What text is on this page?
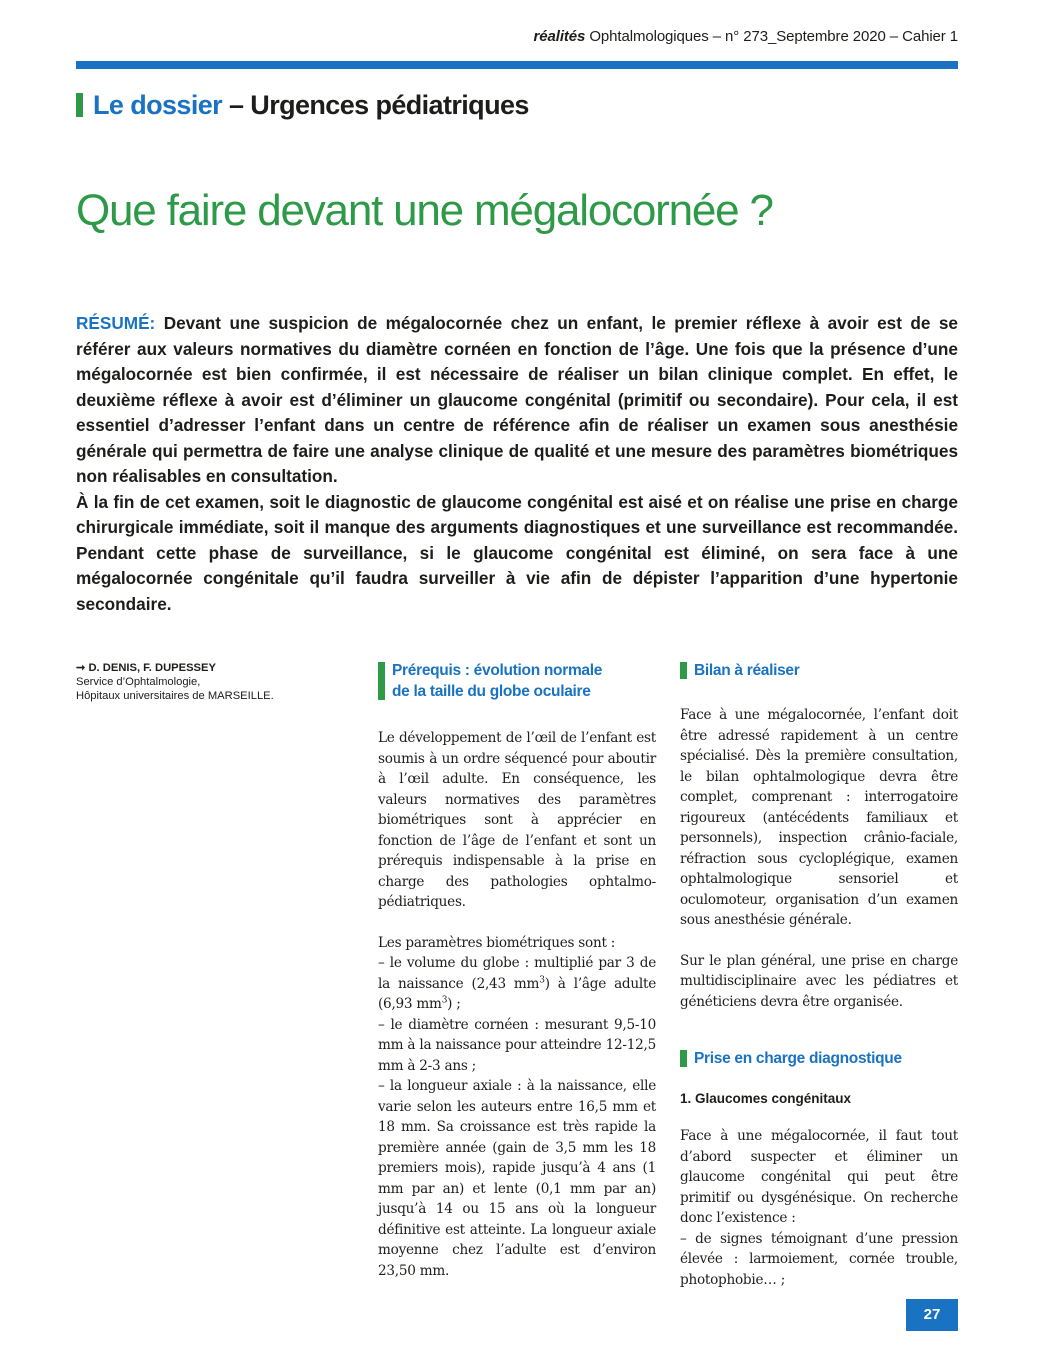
réalités Ophtalmologiques – n° 273_Septembre 2020 – Cahier 1
Le dossier – Urgences pédiatriques
Que faire devant une mégalocornée ?

RÉSUMÉ: Devant une suspicion de mégalocornée chez un enfant, le premier réflexe à avoir est de se référer aux valeurs normatives du diamètre cornéen en fonction de l’âge. Une fois que la présence d’une mégalocornée est bien confirmée, il est nécessaire de réaliser un bilan clinique complet. En effet, le deuxième réflexe à avoir est d’éliminer un glaucome congénital (primitif ou secondaire). Pour cela, il est essentiel d’adresser l’enfant dans un centre de référence afin de réaliser un examen sous anesthésie générale qui permettra de faire une analyse clinique de qualité et une mesure des paramètres biométriques non réalisables en consultation.

À la fin de cet examen, soit le diagnostic de glaucome congénital est aisé et on réalise une prise en charge chirurgicale immédiate, soit il manque des arguments diagnostiques et une surveillance est recommandée. Pendant cette phase de surveillance, si le glaucome congénital est éliminé, on sera face à une mégalocornée congénitale qu’il faudra surveiller à vie afin de dépister l’apparition d’une hypertonie secondaire.

➞ D. DENIS, F. DUPESSEY
Service d’Ophtalmologie,
Hôpitaux universitaires de MARSEILLE.
Prérequis : évolution normale
de la taille du globe oculaire

Le développement de l’œil de l’enfant est soumis à un ordre séquencé pour aboutir à l’œil adulte. En conséquence, les valeurs normatives des paramètres biométriques sont à apprécier en fonction de l’âge de l’enfant et sont un prérequis indispensable à la prise en charge des pathologies ophtalmo-pédiatriques.

Les paramètres biométriques sont :

– le volume du globe : multiplié par 3 de la naissance (2,43 $mm^3$) à l’âge adulte (6,93 $mm^3$) ;

– le diamètre cornéen : mesurant 9,5-10 mm à la naissance pour atteindre 12-12,5 mm à 2-3 ans ;

– la longueur axiale : à la naissance, elle varie selon les auteurs entre 16,5 mm et 18 mm. Sa croissance est très rapide la première année (gain de 3,5 mm les 18 premiers mois), rapide jusqu’à 4 ans (1 mm par an) et lente (0,1 mm par an) jusqu’à 14 ou 15 ans où la longueur définitive est atteinte. La longueur axiale moyenne chez l’adulte est d’environ 23,50 mm.

Bilan à réaliser

Face à une mégalocornée, l’enfant doit être adressé rapidement à un centre spécialisé. Dès la première consultation, le bilan ophtalmologique devra être complet, comprenant : interrogatoire rigoureux (antécédents familiaux et personnels), inspection crânio-faciale, réfraction sous cycloplégique, examen ophtalmologique sensoriel et oculomoteur, organisation d’un examen sous anesthésie générale.

Sur le plan général, une prise en charge multidisciplinaire avec les pédiatres et généticiens devra être organisée.

Prise en charge diagnostique
1. Glaucomes congénitaux

Face à une mégalocornée, il faut tout d’abord suspecter et éliminer un glaucome congénital qui peut être primitif ou dysgénésique. On recherche donc l’existence :

– de signes témoignant d’une pression élevée : larmoiement, cornée trouble, photophobie… ;

27
